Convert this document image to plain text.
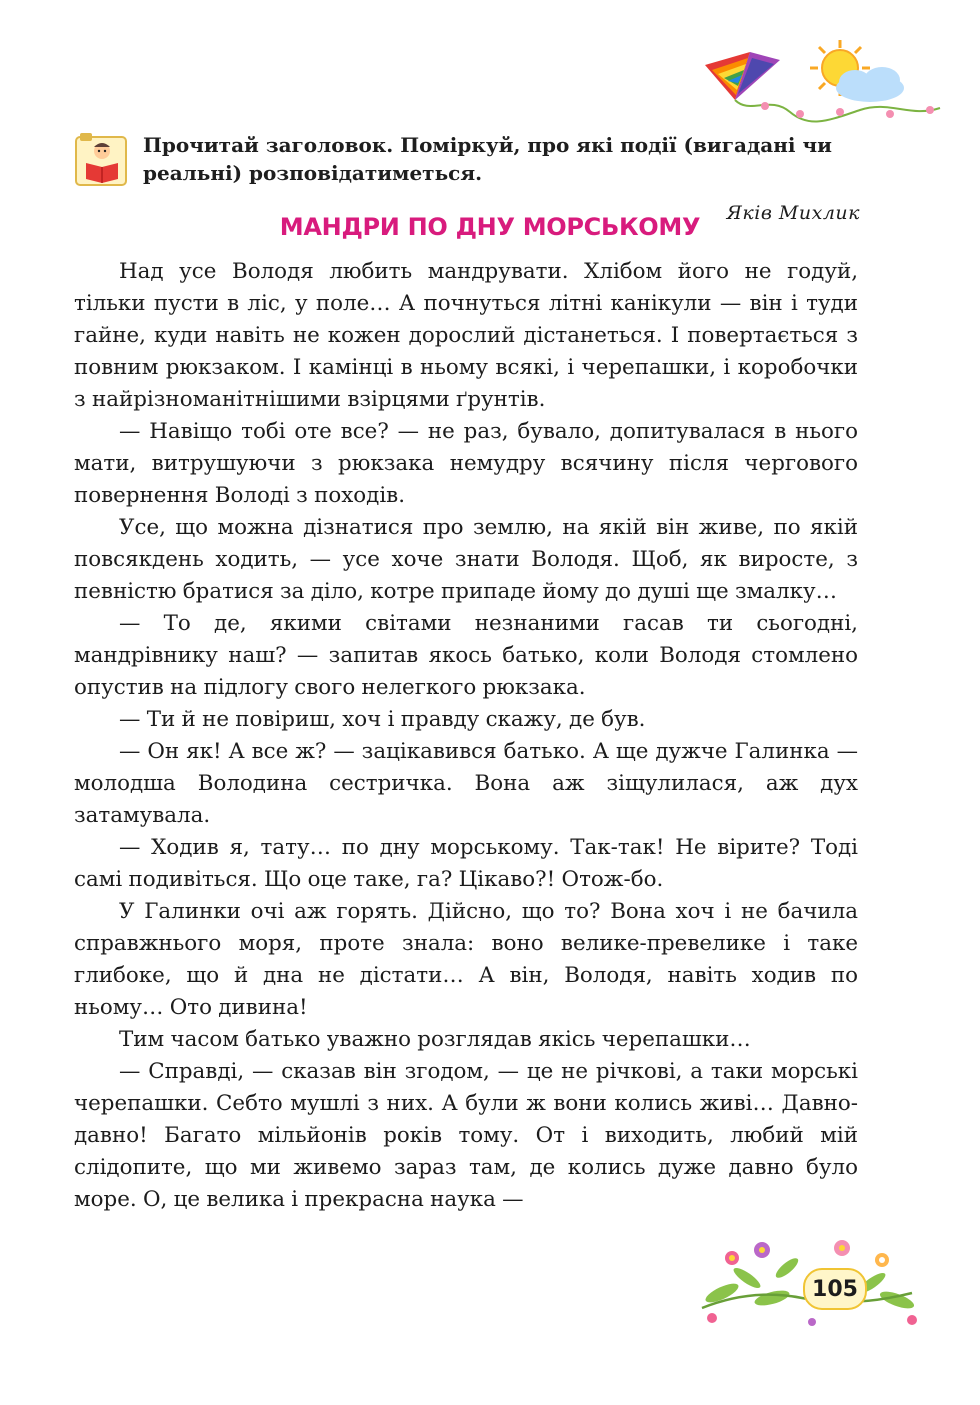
Прочитай заголовок. Поміркуй, про які події (вигадані чи реальні) розповідатиметься.
Яків Михлик
МАНДРИ ПО ДНУ МОРСЬКОМУ

Над усе Володя любить мандрувати. Хлібом його не годуй, тільки пусти в ліс, у поле… А почнуться літні канікули — він і туди гайне, куди навіть не кожен дорослий дістанеться. І повертається з повним рюкзаком. І камінці в ньому всякі, і черепашки, і коробочки з найрізноманітнішими взірцями ґрунтів.

— Навіщо тобі оте все? — не раз, бувало, допитувалася в нього мати, витрушуючи з рюкзака немудру всячину після чергового повернення Володі з походів.

Усе, що можна дізнатися про землю, на якій він живе, по якій повсякдень ходить, — усе хоче знати Володя. Щоб, як виросте, з певністю братися за діло, котре припаде йому до душі ще змалку…

— То де, якими світами незнаними гасав ти сьогодні, мандрівнику наш? — запитав якось батько, коли Володя стомлено опустив на підлогу свого нелегкого рюкзака.

— Ти й не повіриш, хоч і правду скажу, де був.

— Он як! А все ж? — зацікавився батько. А ще дужче Галинка — молодша Володина сестричка. Вона аж зіщулилася, аж дух затамувала.

— Ходив я, тату… по дну морському. Так-так! Не вірите? Тоді самі подивіться. Що оце таке, га? Цікаво?! Отож-бо.

У Галинки очі аж горять. Дійсно, що то? Вона хоч і не бачила справжнього моря, проте знала: воно велике-превелике і таке глибоке, що й дна не дістати… А він, Володя, навіть ходив по ньому… Ото дивина!

Тим часом батько уважно розглядав якісь черепашки…

— Справді, — сказав він згодом, — це не річкові, а таки морські черепашки. Себто мушлі з них. А були ж вони колись живі… Давно-давно! Багато мільйонів років тому. От і виходить, любий мій слідопите, що ми живемо зараз там, де колись дуже давно було море. О, це велика і прекрасна наука —

105
